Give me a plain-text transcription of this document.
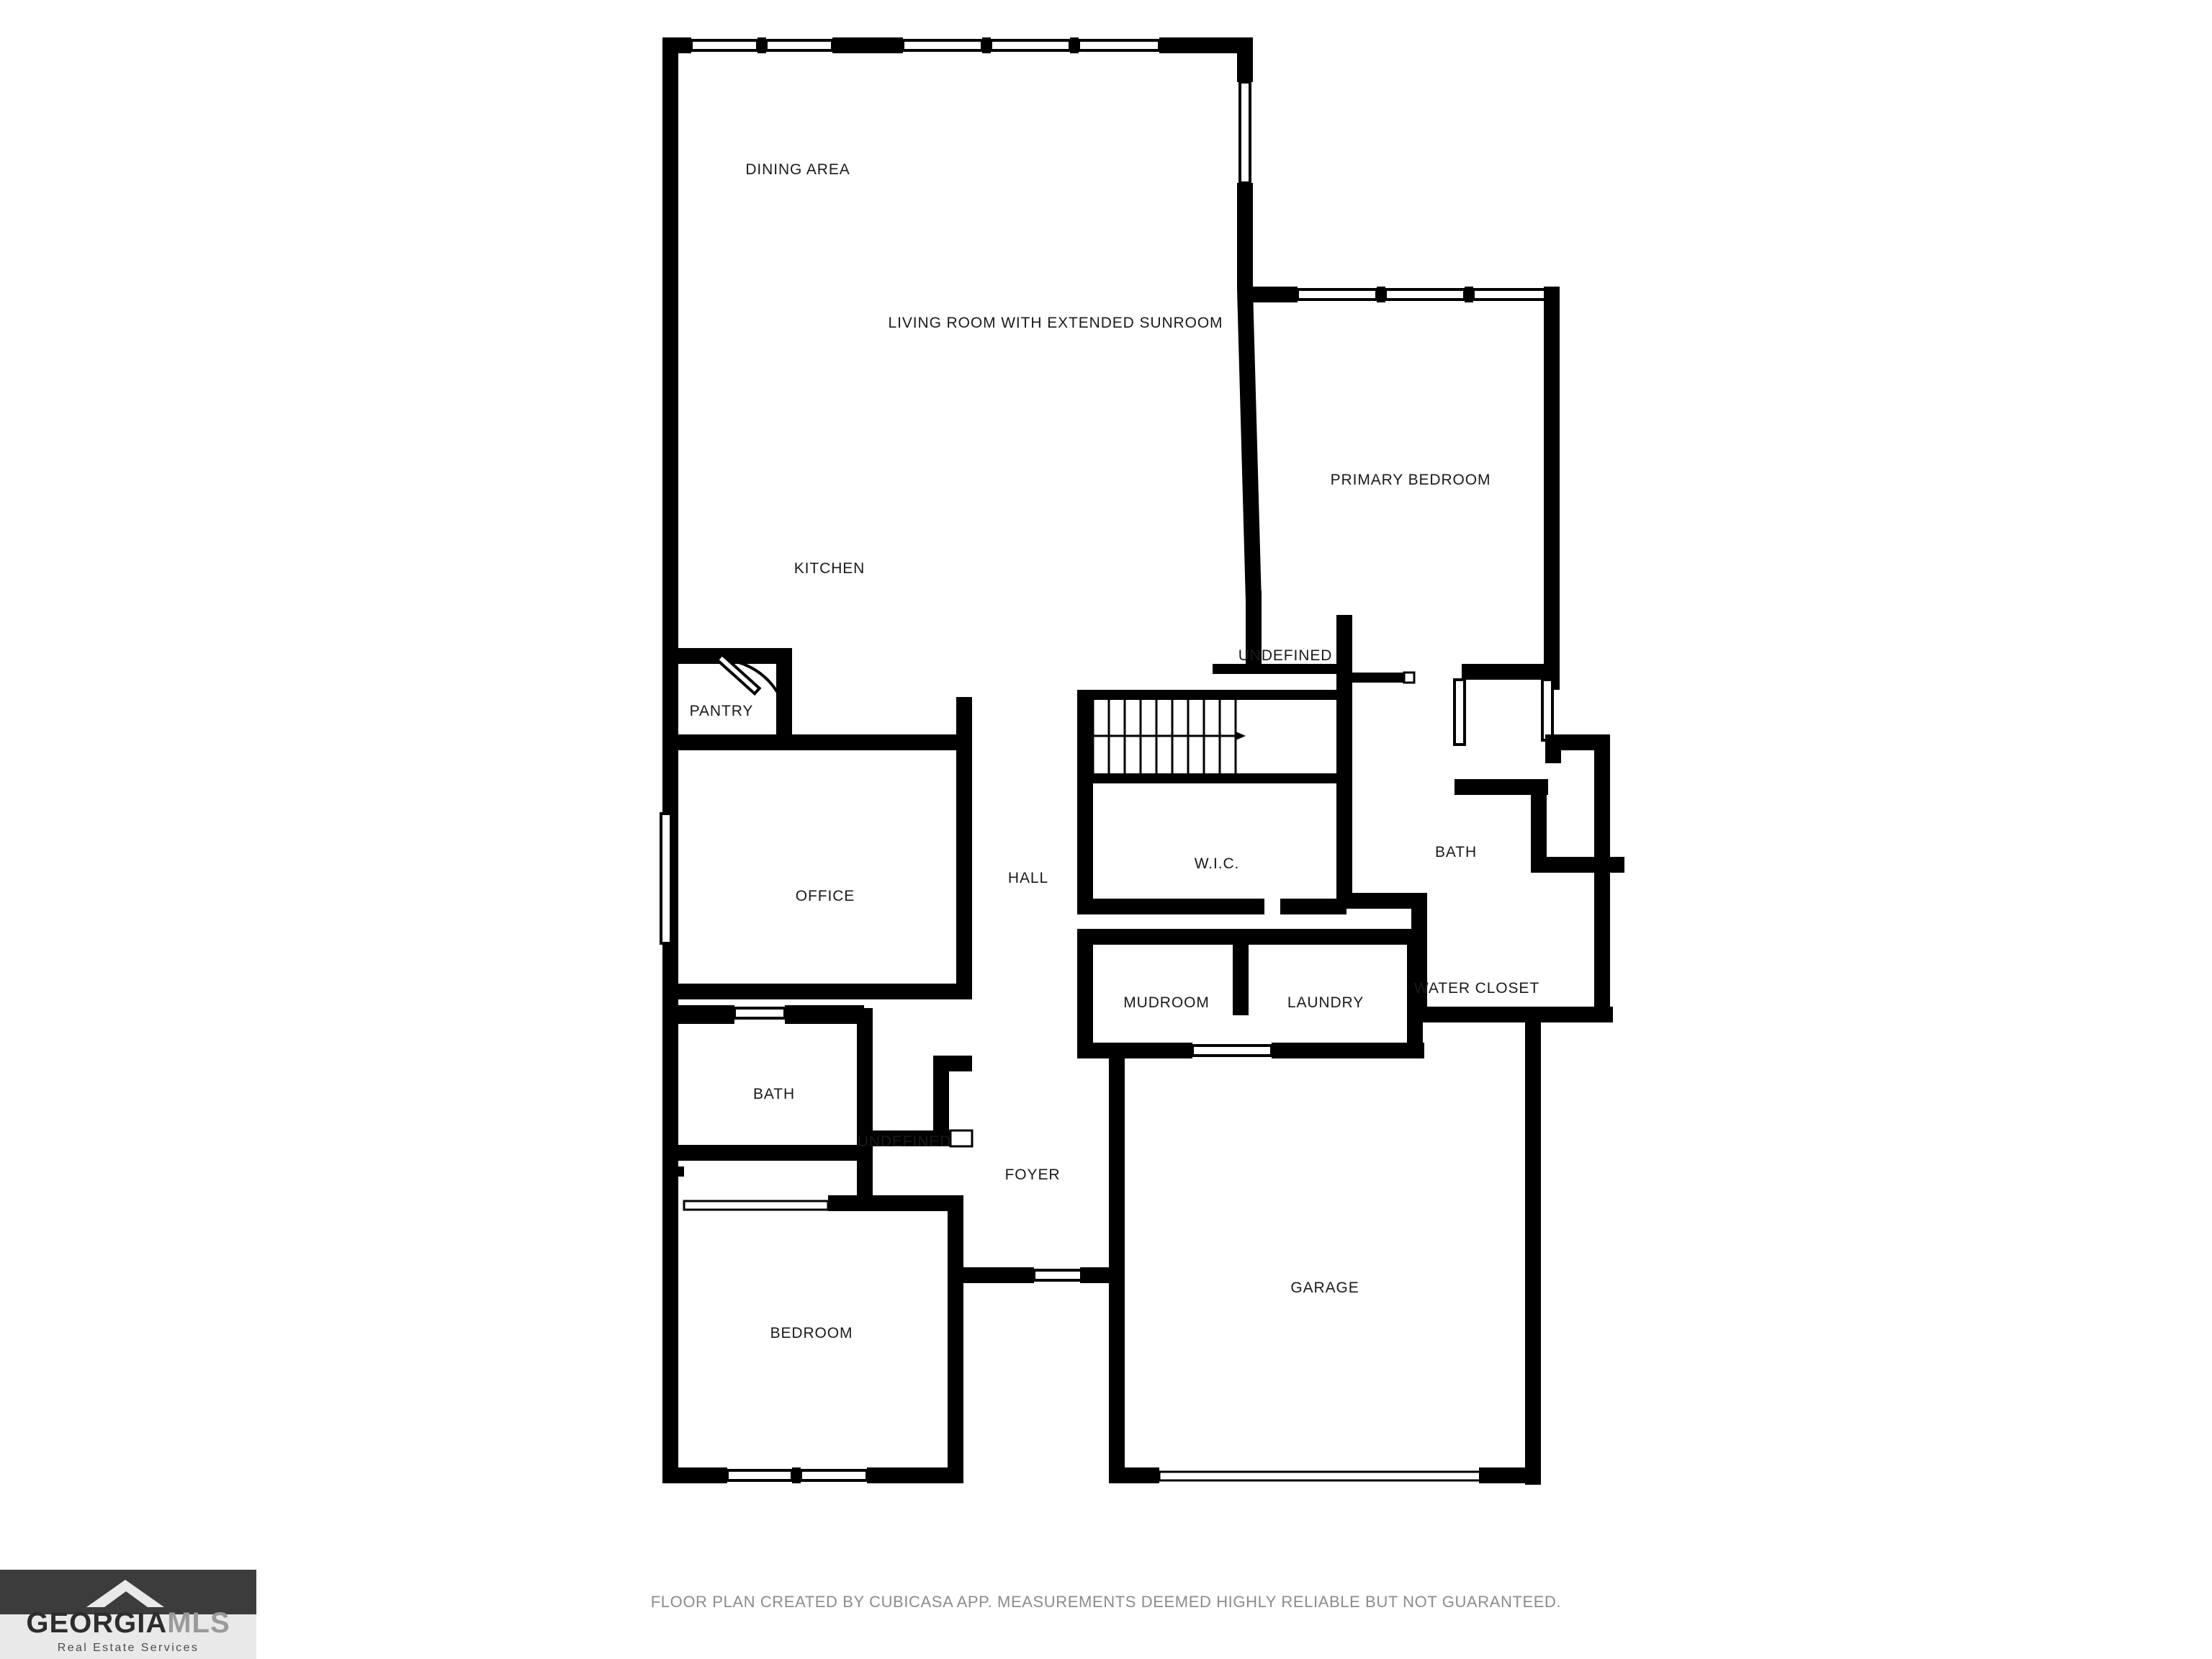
DINING AREA
LIVING ROOM WITH EXTENDED SUNROOM
PRIMARY BEDROOM
KITCHEN
UNDEFINED
PANTRY
W.I.C.
BATH
HALL
OFFICE
MUDROOM	LAUNDRY
WATER CLOSET
BATH
UNDEFINED
FOYER
GARAGE
BEDROOM
FLOOR PLAN CREATED BY CUBICASA APP. MEASUREMENTS DEEMED HIGHLY RELIABLE BUT NOT GUARANTEED.
GEORGIAMLS
Real Estate Services
